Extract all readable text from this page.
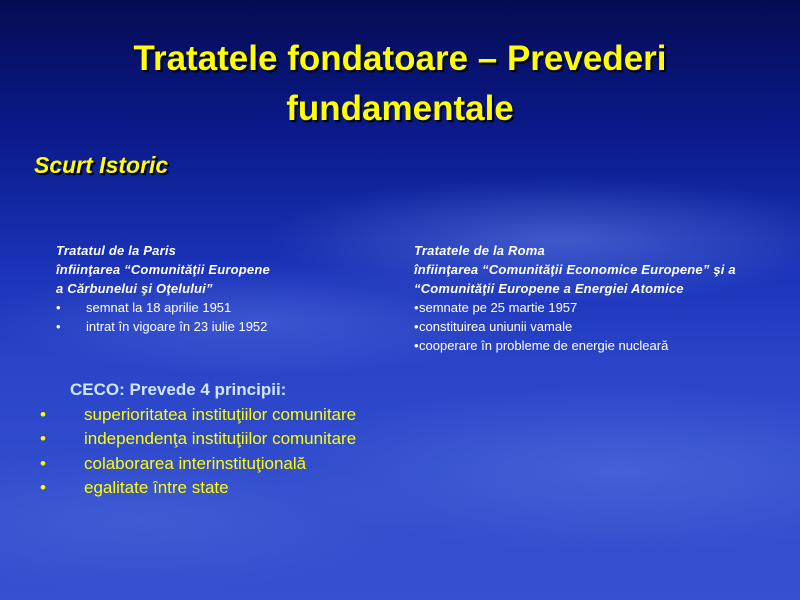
Tratatele fondatoare – Prevederi
fundamentale
Scurt Istoric
Tratatul de la Paris
înfiinţarea “Comunităţii Europene
a Cărbunelui şi Oţelului”
•	semnat la 18 aprilie 1951
•	intrat în vigoare în 23 iulie 1952
Tratatele de la Roma
înfiinţarea “Comunităţii Economice Europene” şi a
“Comunităţii Europene a Energiei Atomice
• semnate pe 25 martie 1957
• constituirea uniunii vamale
• cooperare în probleme de energie nucleară
CECO: Prevede 4 principii:
•	superioritatea instituţiilor comunitare
•	independenţa instituţiilor comunitare
•	colaborarea interinstituţională
•	egalitate între state
